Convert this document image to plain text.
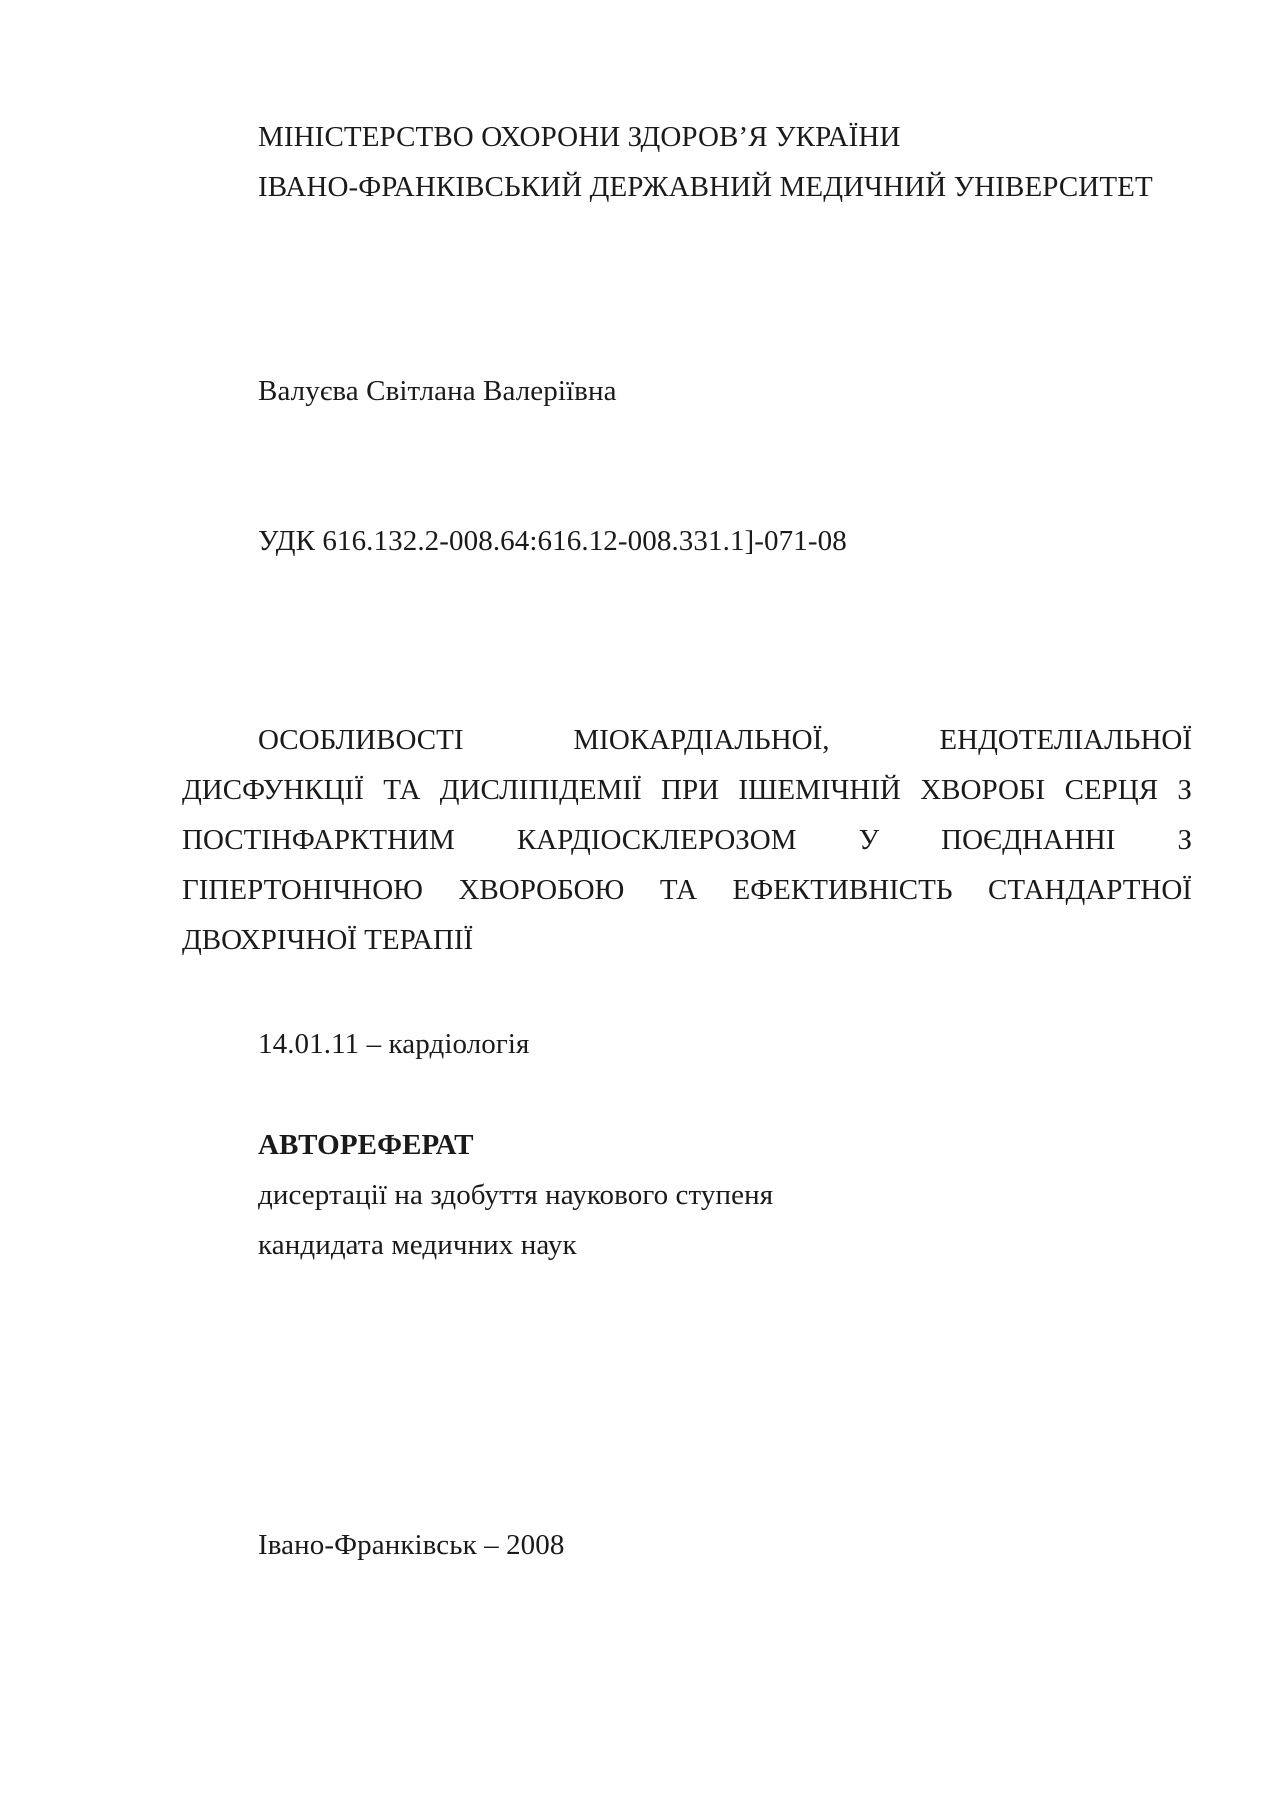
МІНІСТЕРСТВО ОХОРОНИ ЗДОРОВ’Я УКРАЇНИ
ІВАНО-ФРАНКІВСЬКИЙ ДЕРЖАВНИЙ МЕДИЧНИЙ УНІВЕРСИТЕТ
Валуєва Світлана Валеріївна
УДК 616.132.2-008.64:616.12-008.331.1]-071-08
ОСОБЛИВОСТІ	МІОКАРДІАЛЬНОЇ,	ЕНДОТЕЛІАЛЬНОЇ
ДИСФУНКЦІЇ ТА ДИСЛІПІДЕМІЇ ПРИ ІШЕМІЧНІЙ ХВОРОБІ СЕРЦЯ З
ПОСТІНФАРКТНИМ КАРДІОСКЛЕРОЗОМ У ПОЄДНАННІ З
ГІПЕРТОНІЧНОЮ ХВОРОБОЮ ТА ЕФЕКТИВНІСТЬ СТАНДАРТНОЇ
ДВОХРІЧНОЇ ТЕРАПІЇ
14.01.11 – кардіологія
АВТОРЕФЕРАТ
дисертації на здобуття наукового ступеня
кандидата медичних наук
Івано-Франківськ – 2008
